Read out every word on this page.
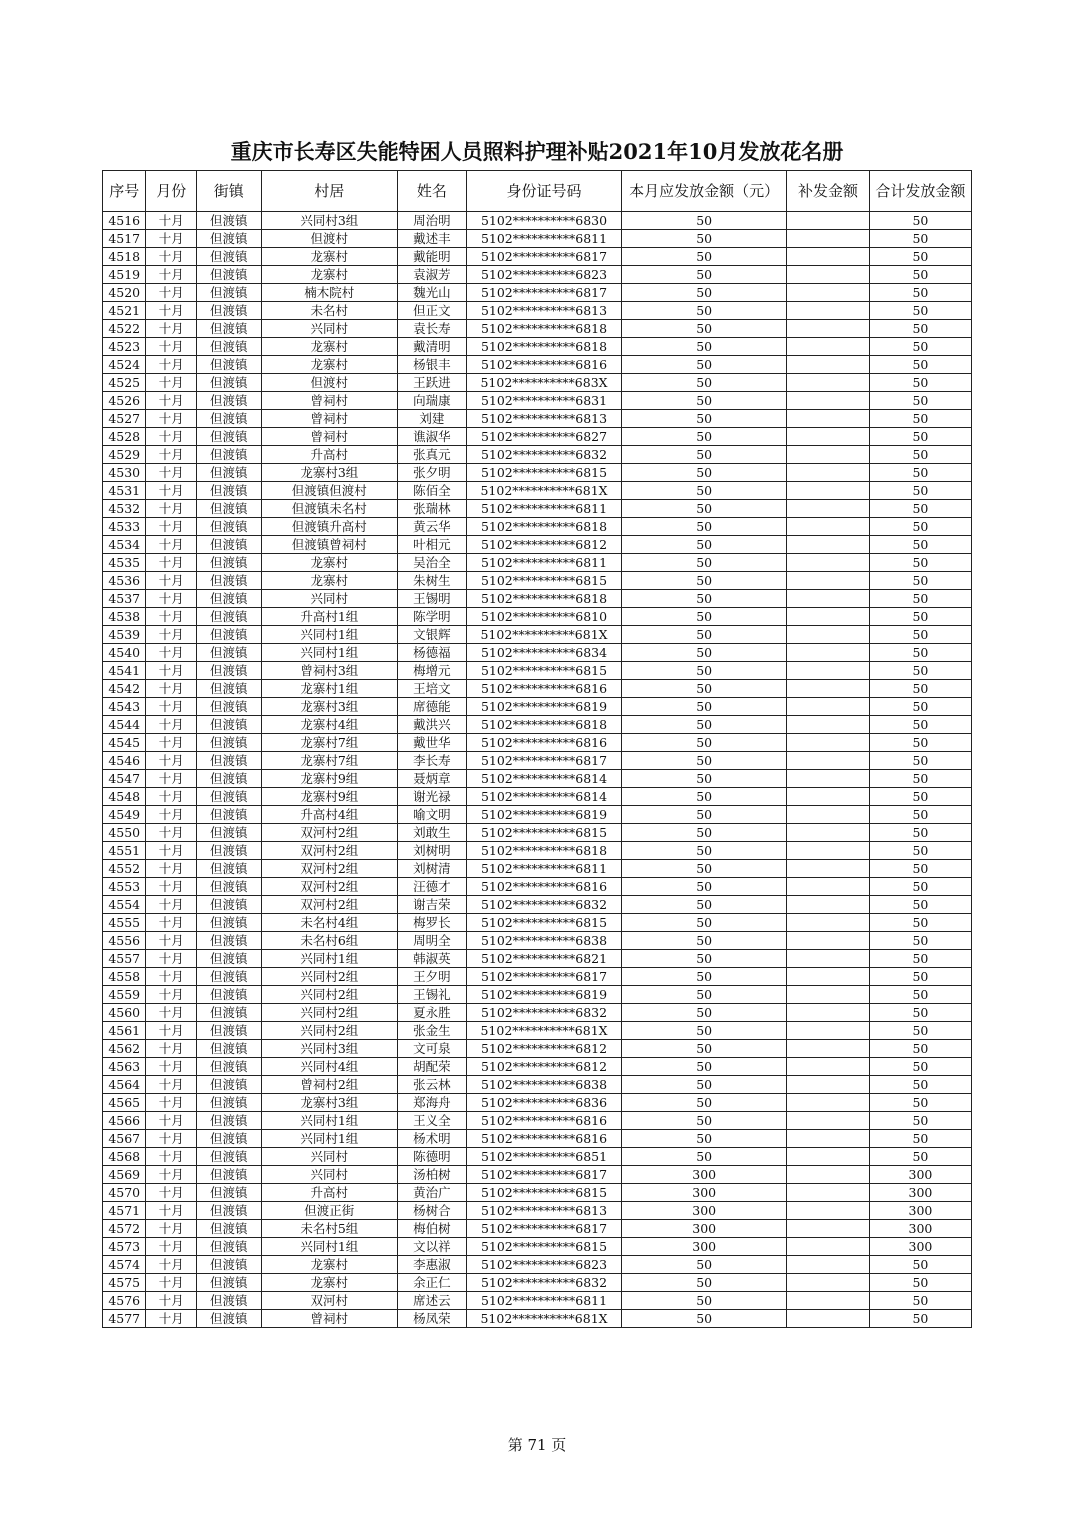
重庆市长寿区失能特困人员照料护理补贴2021年10月发放花名册
序号	月份	街镇	村居	姓名	身份证号码	本月应发放金额（元）	补发金额	合计发放金额
4516	十月	但渡镇	兴同村3组	周治明	5102**********6830	50		50
4517	十月	但渡镇	但渡村	戴述丰	5102**********6811	50		50
4518	十月	但渡镇	龙寨村	戴能明	5102**********6817	50		50
4519	十月	但渡镇	龙寨村	袁淑芳	5102**********6823	50		50
4520	十月	但渡镇	楠木院村	魏光山	5102**********6817	50		50
4521	十月	但渡镇	未名村	但正文	5102**********6813	50		50
4522	十月	但渡镇	兴同村	袁长寿	5102**********6818	50		50
4523	十月	但渡镇	龙寨村	戴清明	5102**********6818	50		50
4524	十月	但渡镇	龙寨村	杨银丰	5102**********6816	50		50
4525	十月	但渡镇	但渡村	王跃进	5102**********683X	50		50
4526	十月	但渡镇	曾祠村	向瑞康	5102**********6831	50		50
4527	十月	但渡镇	曾祠村	刘建	5102**********6813	50		50
4528	十月	但渡镇	曾祠村	谯淑华	5102**********6827	50		50
4529	十月	但渡镇	升高村	张真元	5102**********6832	50		50
4530	十月	但渡镇	龙寨村3组	张夕明	5102**********6815	50		50
4531	十月	但渡镇	但渡镇但渡村	陈佰全	5102**********681X	50		50
4532	十月	但渡镇	但渡镇未名村	张瑞林	5102**********6811	50		50
4533	十月	但渡镇	但渡镇升高村	黄云华	5102**********6818	50		50
4534	十月	但渡镇	但渡镇曾祠村	叶相元	5102**********6812	50		50
4535	十月	但渡镇	龙寨村	吴治全	5102**********6811	50		50
4536	十月	但渡镇	龙寨村	朱树生	5102**********6815	50		50
4537	十月	但渡镇	兴同村	王锡明	5102**********6818	50		50
4538	十月	但渡镇	升高村1组	陈学明	5102**********6810	50		50
4539	十月	但渡镇	兴同村1组	文银辉	5102**********681X	50		50
4540	十月	但渡镇	兴同村1组	杨德福	5102**********6834	50		50
4541	十月	但渡镇	曾祠村3组	梅增元	5102**********6815	50		50
4542	十月	但渡镇	龙寨村1组	王培文	5102**********6816	50		50
4543	十月	但渡镇	龙寨村3组	席德能	5102**********6819	50		50
4544	十月	但渡镇	龙寨村4组	戴洪兴	5102**********6818	50		50
4545	十月	但渡镇	龙寨村7组	戴世华	5102**********6816	50		50
4546	十月	但渡镇	龙寨村7组	李长寿	5102**********6817	50		50
4547	十月	但渡镇	龙寨村9组	聂炳章	5102**********6814	50		50
4548	十月	但渡镇	龙寨村9组	谢光禄	5102**********6814	50		50
4549	十月	但渡镇	升高村4组	喻文明	5102**********6819	50		50
4550	十月	但渡镇	双河村2组	刘敢生	5102**********6815	50		50
4551	十月	但渡镇	双河村2组	刘树明	5102**********6818	50		50
4552	十月	但渡镇	双河村2组	刘树清	5102**********6811	50		50
4553	十月	但渡镇	双河村2组	汪德才	5102**********6816	50		50
4554	十月	但渡镇	双河村2组	谢吉荣	5102**********6832	50		50
4555	十月	但渡镇	未名村4组	梅罗长	5102**********6815	50		50
4556	十月	但渡镇	未名村6组	周明全	5102**********6838	50		50
4557	十月	但渡镇	兴同村1组	韩淑英	5102**********6821	50		50
4558	十月	但渡镇	兴同村2组	王夕明	5102**********6817	50		50
4559	十月	但渡镇	兴同村2组	王锡礼	5102**********6819	50		50
4560	十月	但渡镇	兴同村2组	夏永胜	5102**********6832	50		50
4561	十月	但渡镇	兴同村2组	张金生	5102**********681X	50		50
4562	十月	但渡镇	兴同村3组	文可泉	5102**********6812	50		50
4563	十月	但渡镇	兴同村4组	胡配荣	5102**********6812	50		50
4564	十月	但渡镇	曾祠村2组	张云林	5102**********6838	50		50
4565	十月	但渡镇	龙寨村3组	郑海舟	5102**********6836	50		50
4566	十月	但渡镇	兴同村1组	王义全	5102**********6816	50		50
4567	十月	但渡镇	兴同村1组	杨术明	5102**********6816	50		50
4568	十月	但渡镇	兴同村	陈德明	5102**********6851	50		50
4569	十月	但渡镇	兴同村	汤柏树	5102**********6817	300		300
4570	十月	但渡镇	升高村	黄治广	5102**********6815	300		300
4571	十月	但渡镇	但渡正街	杨树合	5102**********6813	300		300
4572	十月	但渡镇	未名村5组	梅伯树	5102**********6817	300		300
4573	十月	但渡镇	兴同村1组	文以祥	5102**********6815	300		300
4574	十月	但渡镇	龙寨村	李惠淑	5102**********6823	50		50
4575	十月	但渡镇	龙寨村	余正仁	5102**********6832	50		50
4576	十月	但渡镇	双河村	席述云	5102**********6811	50		50
4577	十月	但渡镇	曾祠村	杨凤荣	5102**********681X	50		50
第 71 页
